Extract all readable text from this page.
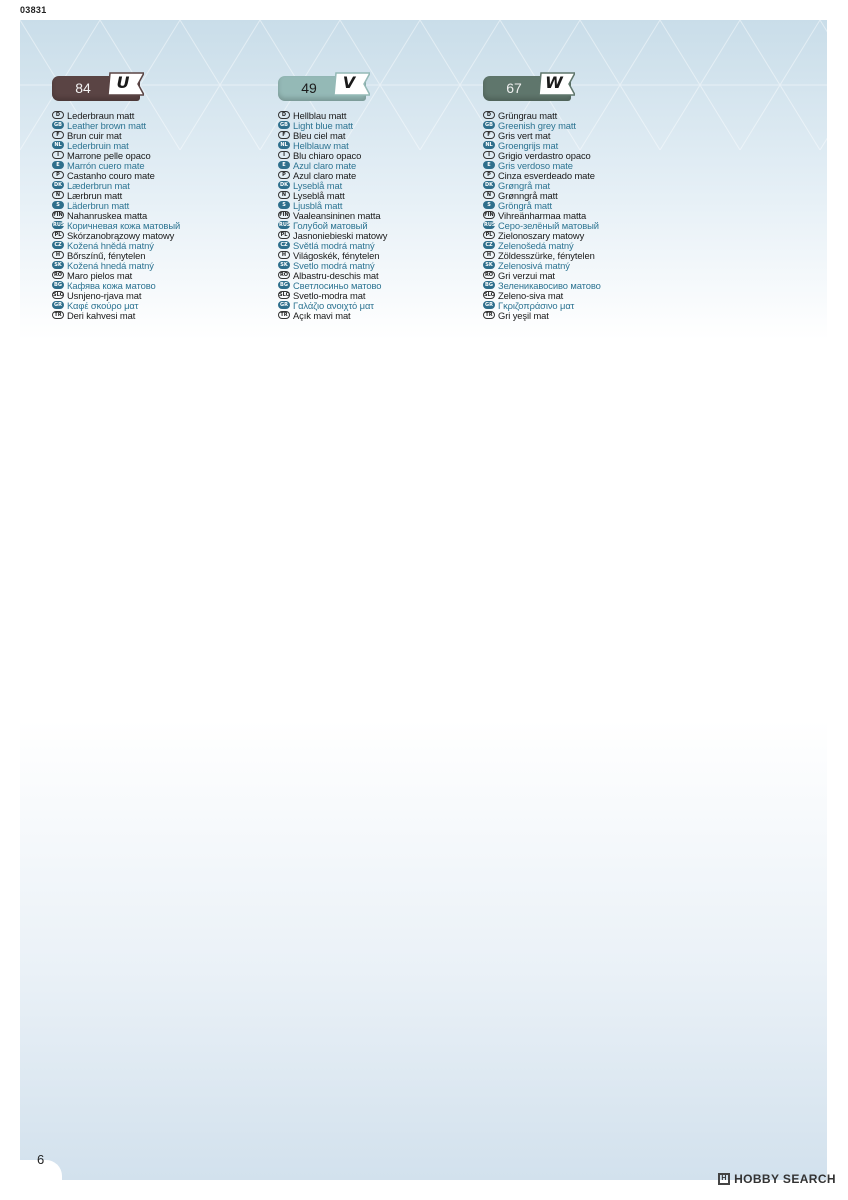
03831
6
84	U
D Lederbraun matt
GB Leather brown matt
F Brun cuir mat
NL Lederbruin mat
I Marrone pelle opaco
E Marrón cuero mate
P Castanho couro mate
DK Læderbrun mat
N Lærbrun matt
S Läderbrun matt
FIN Nahanruskea matta
RUS Коричневая кожа матовый
PL Skórzanobrązowy matowy
CZ Kožená hnědá matný
H Bőrszínű, fénytelen
SK Kožená hnedá matný
RO Maro pielos mat
BG Кафява кожа матово
SLO Usnjeno-rjava mat
GR Καφέ σκούρο ματ
TR Deri kahvesi mat
49	V
D Hellblau matt
GB Light blue matt
F Bleu ciel mat
NL Helblauw mat
I Blu chiaro opaco
E Azul claro mate
P Azul claro mate
DK Lyseblå mat
N Lyseblå matt
S Ljusblå matt
FIN Vaaleansininen matta
RUS Голубой матовый
PL Jasnoniebieski matowy
CZ Světlá modrá matný
H Világoskék, fénytelen
SK Svetlo modrá matný
RO Albastru-deschis mat
BG Светлосиньо матово
SLO Svetlo-modra mat
GR Γαλάζιο ανοιχτό ματ
TR Açık mavi mat
67	W
D Grüngrau matt
GB Greenish grey matt
F Gris vert mat
NL Groengrijs mat
I Grigio verdastro opaco
E Gris verdoso mate
P Cinza esverdeado mate
DK Grøngrå mat
N Grønngrå matt
S Gröngrå matt
FIN Vihreänharmaa matta
RUS Серо-зелёный матовый
PL Zielonoszary matowy
CZ Zelenošedá matný
H Zöldesszürke, fénytelen
SK Zelenosivá matný
RO Gri verzui mat
BG Зеленикавосиво матово
SLO Zeleno-siva mat
GR Γκριζοπράσινο ματ
TR Gri yeşil mat
H HOBBY SEARCH
